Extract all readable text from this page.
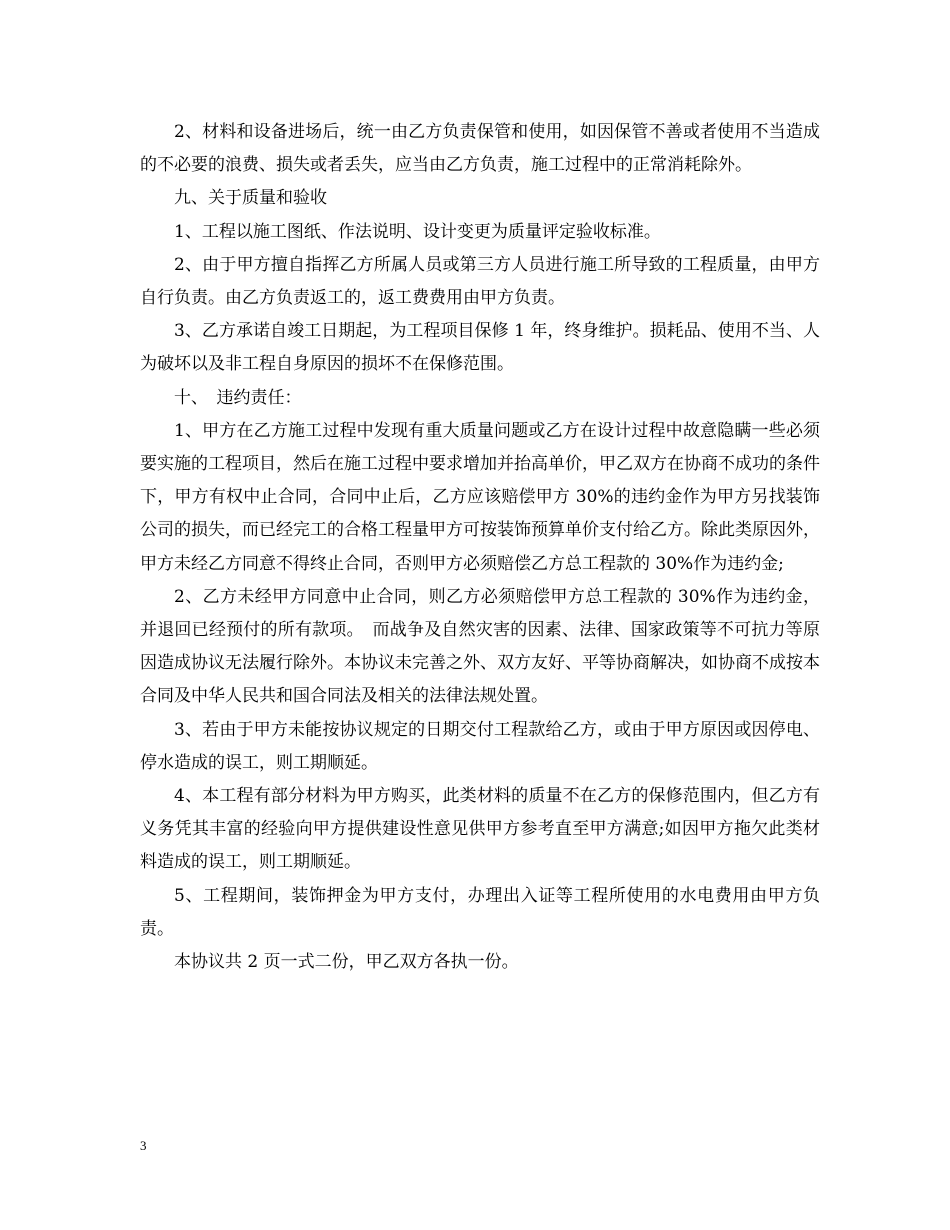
2、材料和设备进场后，统一由乙方负责保管和使用，如因保管不善或者使用不当造成的不必要的浪费、损失或者丢失，应当由乙方负责，施工过程中的正常消耗除外。

九、关于质量和验收

1、工程以施工图纸、作法说明、设计变更为质量评定验收标准。

2、由于甲方擅自指挥乙方所属人员或第三方人员进行施工所导致的工程质量，由甲方自行负责。由乙方负责返工的，返工费费用由甲方负责。

3、乙方承诺自竣工日期起，为工程项目保修 1 年，终身维护。损耗品、使用不当、人为破坏以及非工程自身原因的损坏不在保修范围。

十、　违约责任：

1、甲方在乙方施工过程中发现有重大质量问题或乙方在设计过程中故意隐瞒一些必须要实施的工程项目，然后在施工过程中要求增加并抬高单价，甲乙双方在协商不成功的条件下，甲方有权中止合同，合同中止后，乙方应该赔偿甲方 30%的违约金作为甲方另找装饰公司的损失，而已经完工的合格工程量甲方可按装饰预算单价支付给乙方。除此类原因外，甲方未经乙方同意不得终止合同，否则甲方必须赔偿乙方总工程款的 30%作为违约金;

2、乙方未经甲方同意中止合同，则乙方必须赔偿甲方总工程款的 30%作为违约金，并退回已经预付的所有款项。　而战争及自然灾害的因素、法律、国家政策等不可抗力等原因造成协议无法履行除外。本协议未完善之外、双方友好、平等协商解决，如协商不成按本合同及中华人民共和国合同法及相关的法律法规处置。

3、若由于甲方未能按协议规定的日期交付工程款给乙方，或由于甲方原因或因停电、停水造成的误工，则工期顺延。

4、本工程有部分材料为甲方购买，此类材料的质量不在乙方的保修范围内，但乙方有义务凭其丰富的经验向甲方提供建设性意见供甲方参考直至甲方满意;如因甲方拖欠此类材料造成的误工，则工期顺延。

5、工程期间，装饰押金为甲方支付，办理出入证等工程所使用的水电费用由甲方负责。

本协议共 2 页一式二份，甲乙双方各执一份。

3
